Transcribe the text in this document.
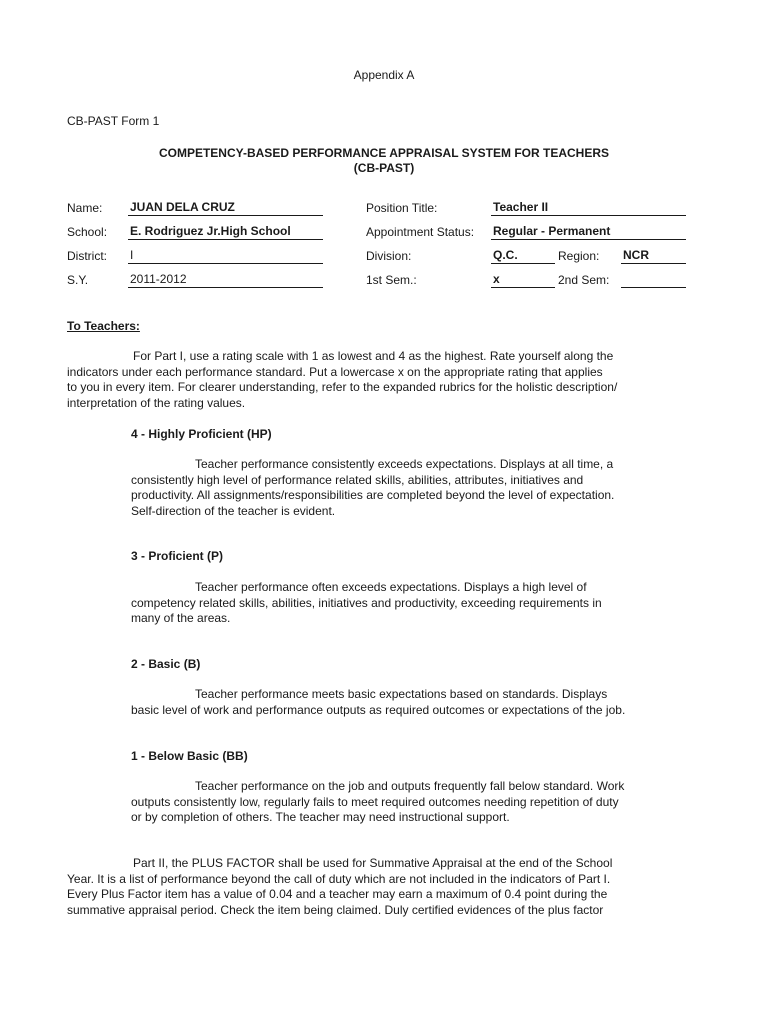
Appendix A
CB-PAST Form 1
COMPETENCY-BASED PERFORMANCE APPRAISAL SYSTEM FOR TEACHERS
(CB-PAST)
Name: JUAN DELA CRUZ	Position Title:	Teacher II
School: E. Rodriguez Jr.High School	Appointment Status: Regular - Permanent
District: I	Division:	Q.C.	Region: NCR
S.Y.	2011-2012	1st Sem.:	x	2nd Sem:
To Teachers:
For Part I, use a rating scale with 1 as lowest and 4 as the highest. Rate yourself along the
indicators under each performance standard. Put a lowercase x on the appropriate rating that applies
to you in every item. For clearer understanding, refer to the expanded rubrics for the holistic description/
interpretation of the rating values.
4 - Highly Proficient (HP)
Teacher performance consistently exceeds expectations. Displays at all time, a
consistently high level of performance related skills, abilities, attributes, initiatives and
productivity. All assignments/responsibilities are completed beyond the level of expectation.
Self-direction of the teacher is evident.
3 - Proficient (P)
Teacher performance often exceeds expectations. Displays a high level of
competency related skills, abilities, initiatives and productivity, exceeding requirements in
many of the areas.
2 - Basic (B)
Teacher performance meets basic expectations based on standards. Displays
basic level of work and performance outputs as required outcomes or expectations of the job.
1 - Below Basic (BB)
Teacher performance on the job and outputs frequently fall below standard. Work
outputs consistently low, regularly fails to meet required outcomes needing repetition of duty
or by completion of others. The teacher may need instructional support.
Part II, the PLUS FACTOR shall be used for Summative Appraisal at the end of the School
Year. It is a list of performance beyond the call of duty which are not included in the indicators of Part I.
Every Plus Factor item has a value of 0.04 and a teacher may earn a maximum of 0.4 point during the
summative appraisal period. Check the item being claimed. Duly certified evidences of the plus factor
